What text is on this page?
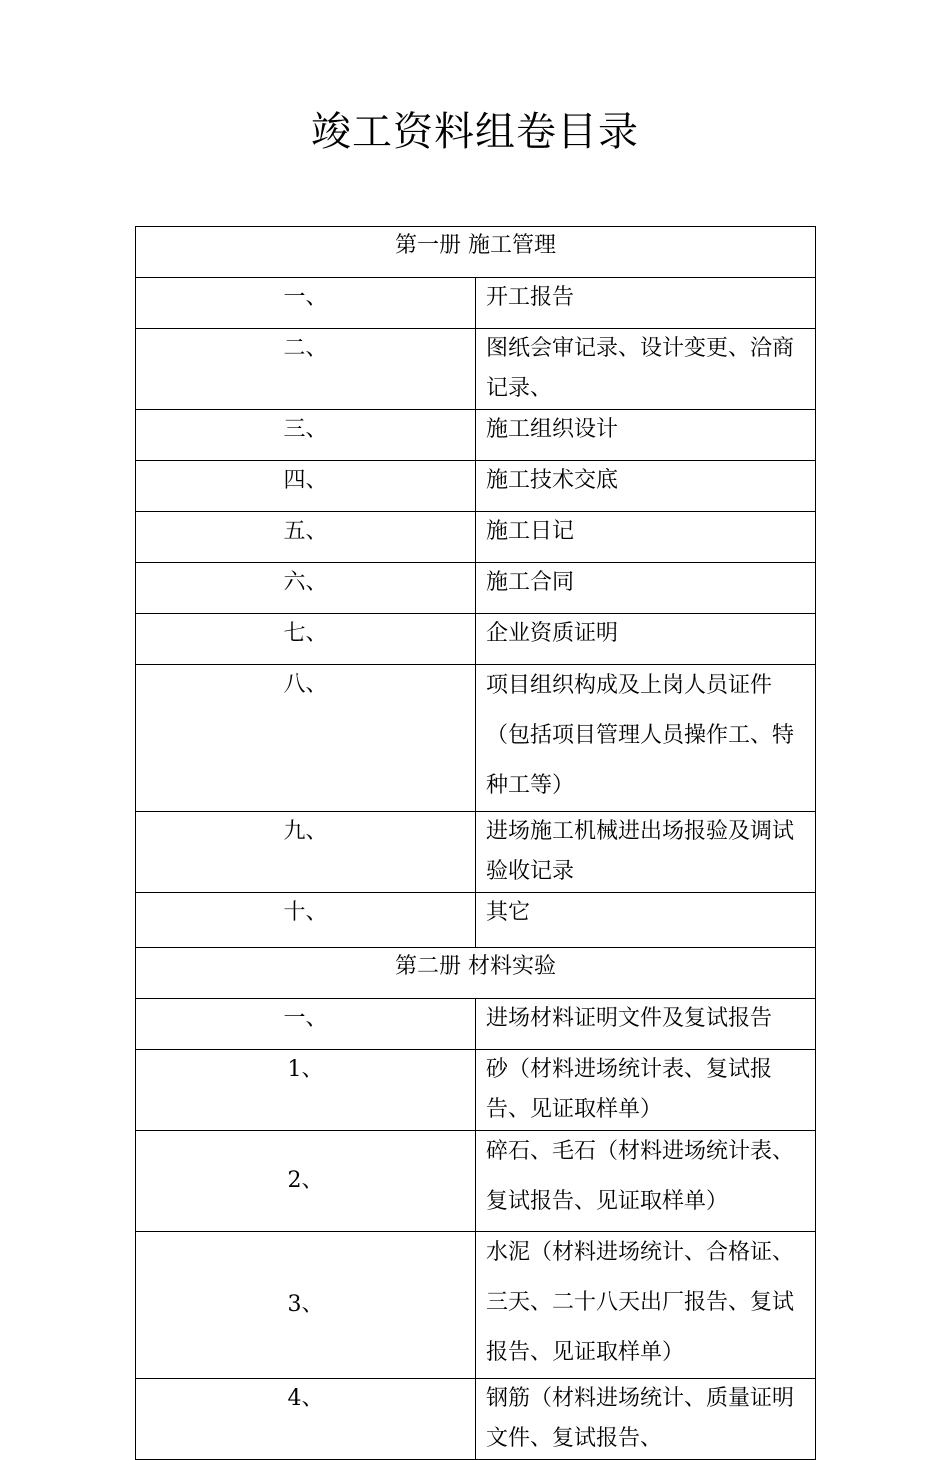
竣工资料组卷目录
第一册 施工管理	

一、	开工报告

二、	图纸会审记录、设计变更、洽商记录、

三、	施工组织设计

四、	施工技术交底

五、	施工日记

六、	施工合同

七、	企业资质证明

八、	项目组织构成及上岗人员证件（包括项目管理人员操作工、特种工等）

九、	进场施工机械进出场报验及调试验收记录

十、	其它

第二册 材料实验	

一、	进场材料证明文件及复试报告

1、	砂（材料进场统计表、复试报告、见证取样单）

2、	碎石、毛石（材料进场统计表、复试报告、见证取样单）

3、	水泥（材料进场统计、合格证、三天、二十八天出厂报告、复试报告、见证取样单）

4、	钢筋（材料进场统计、质量证明文件、复试报告、
